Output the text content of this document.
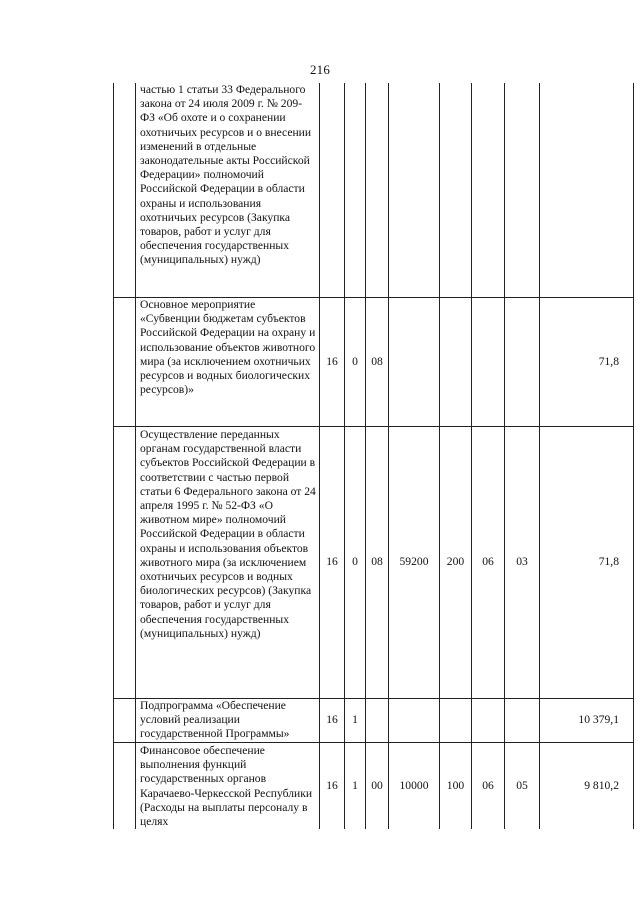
216

	частью 1 статьи 33 Федерального закона от 24 июля 2009 г. № 209-ФЗ «Об охоте и о сохранении охотничьих ресурсов и о внесении изменений в отдельные законодательные акты Российской Федерации» полномочий Российской Федерации в области охраны и использования охотничьих ресурсов (Закупка товаров, работ и услуг для обеспечения государственных (муниципальных) нужд)								

	Основное мероприятие «Субвенции бюджетам субъектов Российской Федерации на охрану и использование объектов животного мира (за исключением охотничьих ресурсов и водных биологических ресурсов)»	16	0	08					71,8

	Осуществление переданных органам государственной власти субъектов Российской Федерации в соответствии с частью первой статьи 6 Федерального закона от 24 апреля 1995 г. № 52-ФЗ «О животном мире» полномочий Российской Федерации в области охраны и использования объектов животного мира (за исключением охотничьих ресурсов и водных биологических ресурсов) (Закупка товаров, работ и услуг для обеспечения государственных (муниципальных) нужд)	16	0	08	59200	200	06	03	71,8

	Подпрограмма «Обеспечение условий реализации государственной Программы»	16	1						10 379,1

	Финансовое обеспечение выполнения функций государственных органов Карачаево-Черкесской Республики (Расходы на выплаты персоналу в целях	16	1	00	10000	100	06	05	9 810,2
